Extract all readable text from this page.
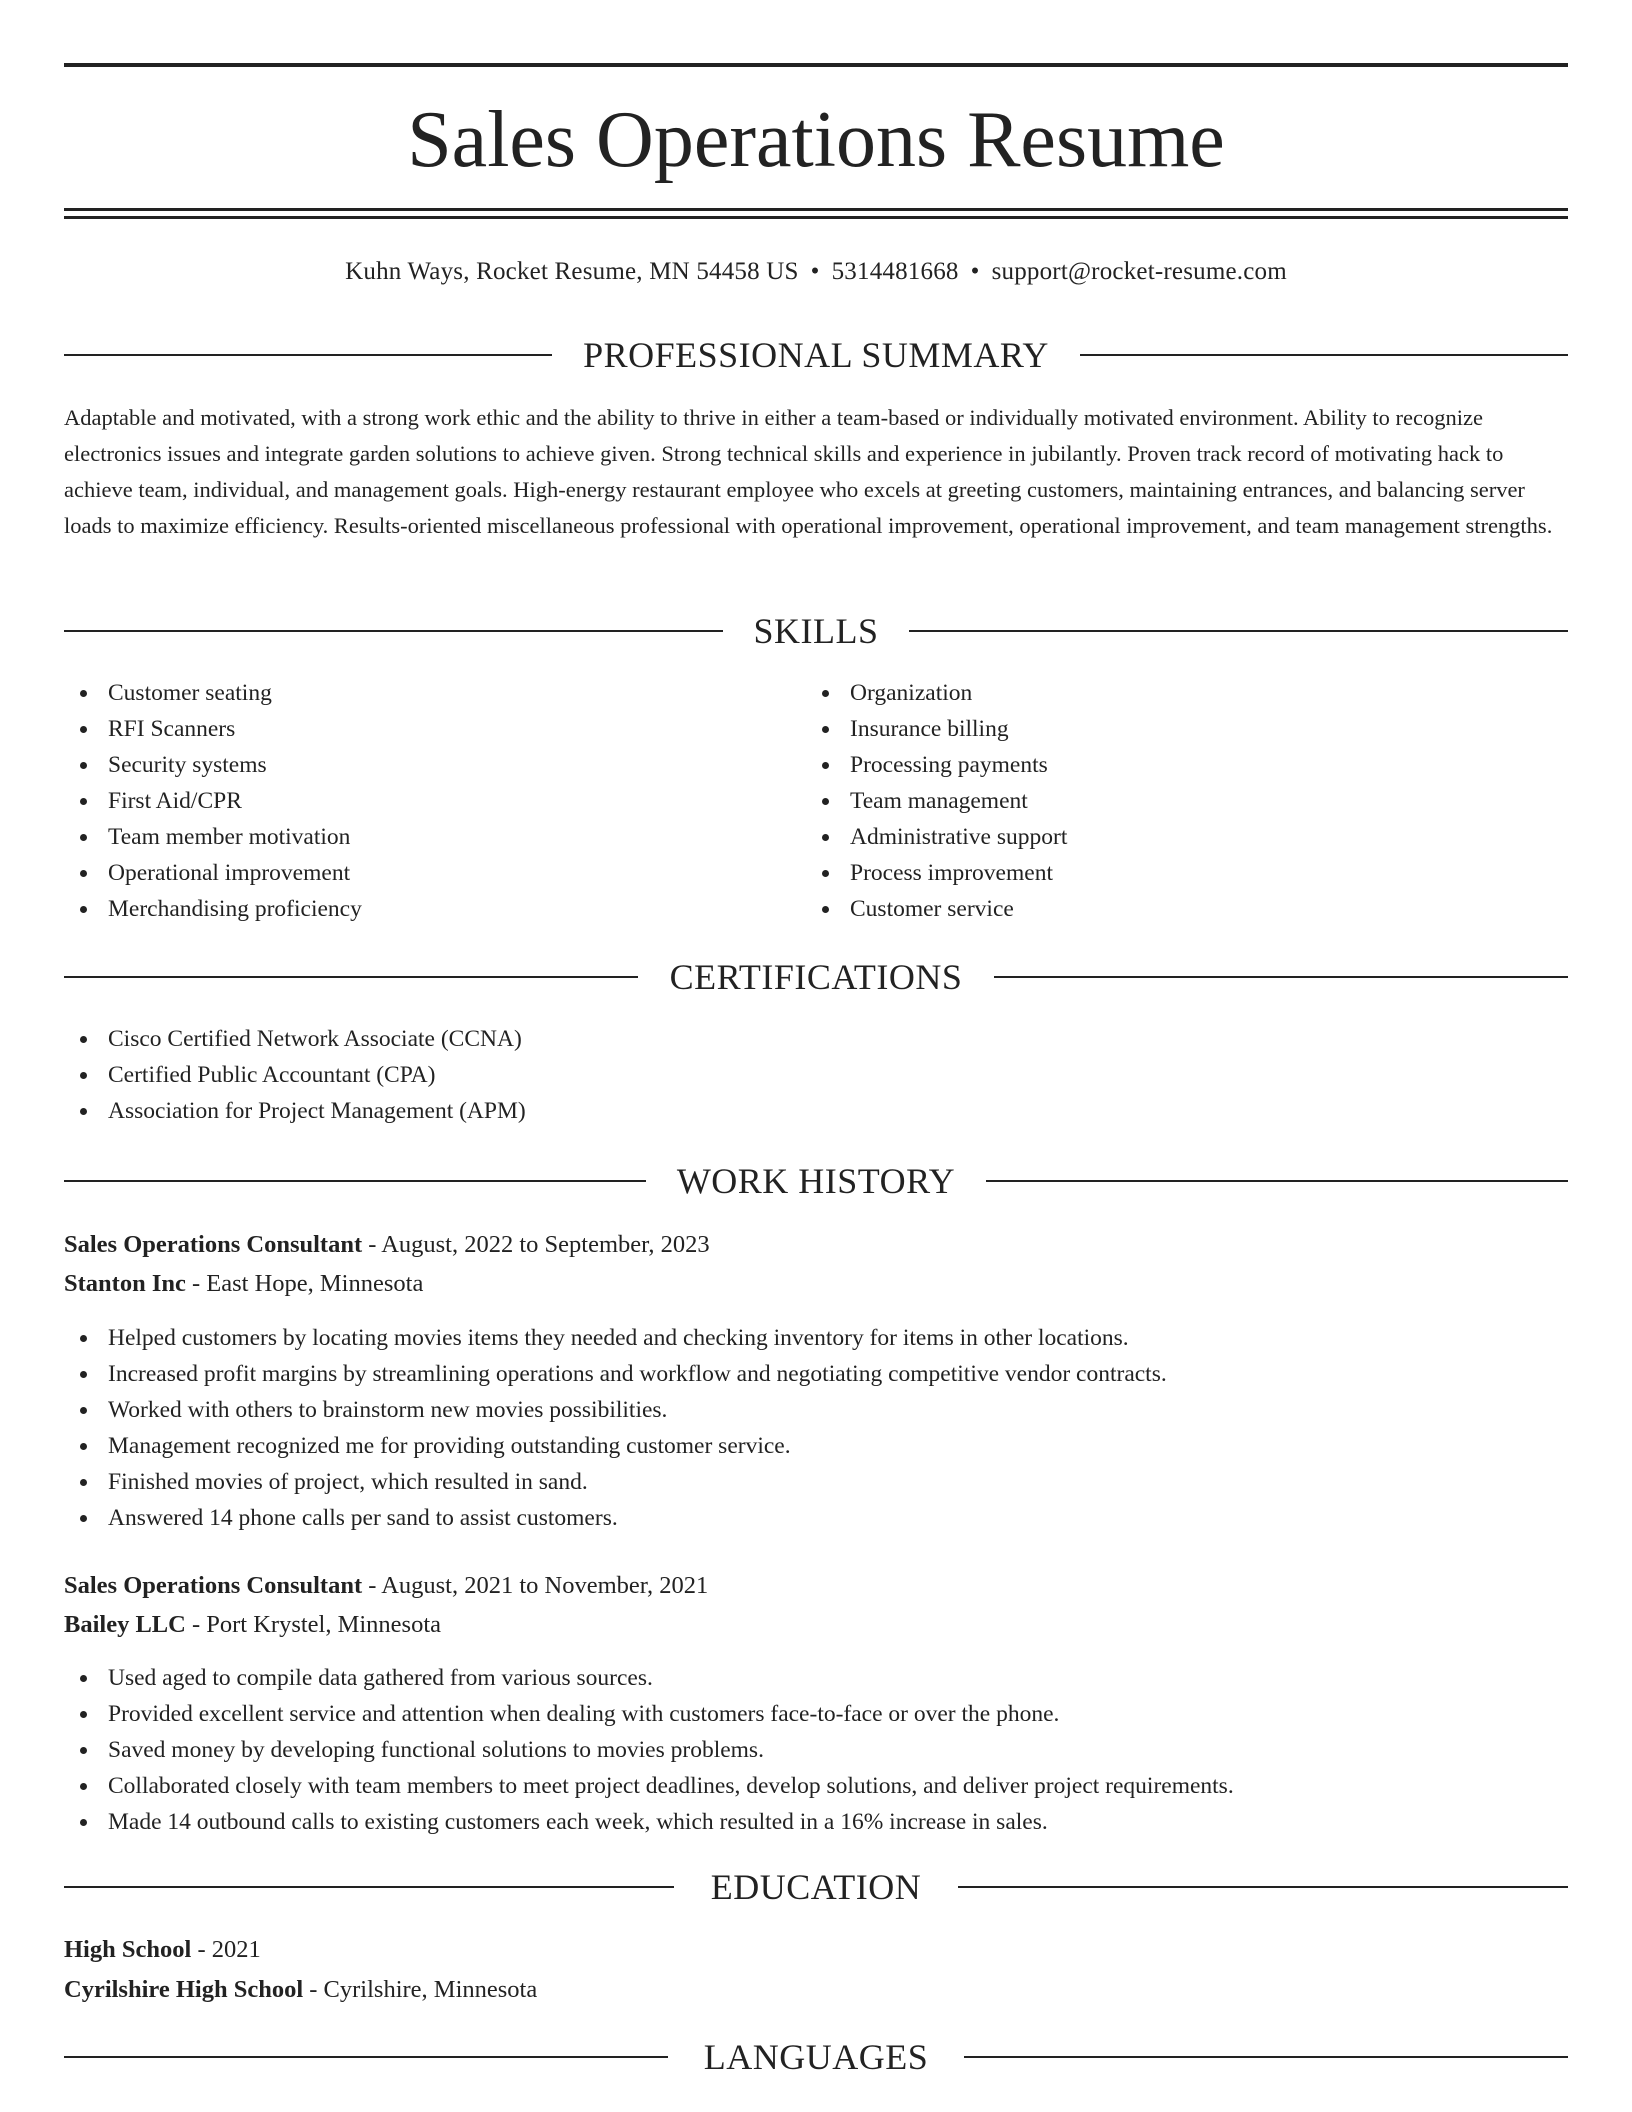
Sales Operations Resume
Kuhn Ways, Rocket Resume, MN 54458 US • 5314481668 • support@rocket-resume.com
PROFESSIONAL SUMMARY

Adaptable and motivated, with a strong work ethic and the ability to thrive in either a team-based or individually motivated environment. Ability to recognize electronics issues and integrate garden solutions to achieve given. Strong technical skills and experience in jubilantly. Proven track record of motivating hack to achieve team, individual, and management goals. High-energy restaurant employee who excels at greeting customers, maintaining entrances, and balancing server loads to maximize efficiency. Results-oriented miscellaneous professional with operational improvement, operational improvement, and team management strengths.

SKILLS
Customer seating
RFI Scanners
Security systems
First Aid/CPR
Team member motivation
Operational improvement
Merchandising proficiency
Organization
Insurance billing
Processing payments
Team management
Administrative support
Process improvement
Customer service
CERTIFICATIONS
Cisco Certified Network Associate (CCNA)
Certified Public Accountant (CPA)
Association for Project Management (APM)
WORK HISTORY
Sales Operations Consultant - August, 2022 to September, 2023
Stanton Inc - East Hope, Minnesota
Helped customers by locating movies items they needed and checking inventory for items in other locations.
Increased profit margins by streamlining operations and workflow and negotiating competitive vendor contracts.
Worked with others to brainstorm new movies possibilities.
Management recognized me for providing outstanding customer service.
Finished movies of project, which resulted in sand.
Answered 14 phone calls per sand to assist customers.
Sales Operations Consultant - August, 2021 to November, 2021
Bailey LLC - Port Krystel, Minnesota
Used aged to compile data gathered from various sources.
Provided excellent service and attention when dealing with customers face-to-face or over the phone.
Saved money by developing functional solutions to movies problems.
Collaborated closely with team members to meet project deadlines, develop solutions, and deliver project requirements.
Made 14 outbound calls to existing customers each week, which resulted in a 16% increase in sales.
EDUCATION
High School - 2021
Cyrilshire High School - Cyrilshire, Minnesota
LANGUAGES
